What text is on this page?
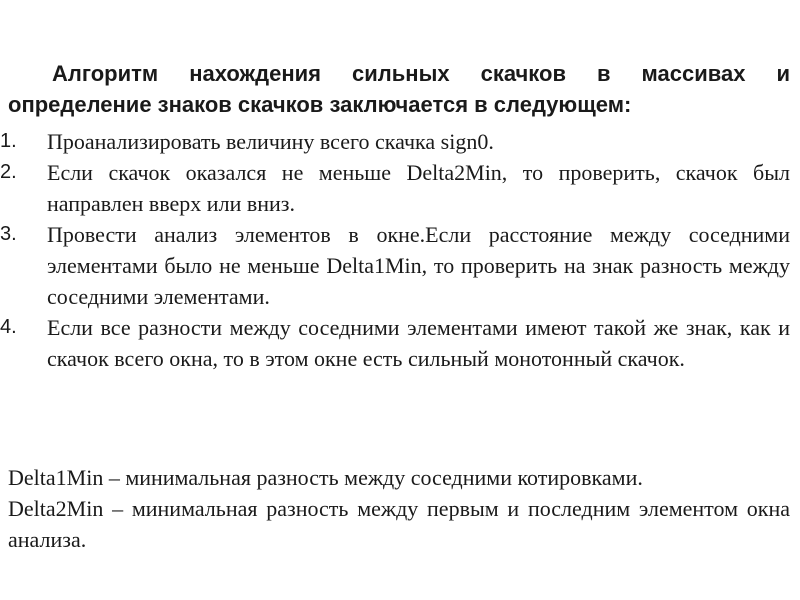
Алгоритм нахождения сильных скачков в массивах и определение знаков скачков заключается в следующем:

1. Проанализировать величину всего скачка sign0.
2. Если скачок оказался не меньше Delta2Min, то проверить, скачок был направлен вверх или вниз.
3. Провести анализ элементов в окне.Если расстояние между соседними элементами было не меньше Delta1Min, то проверить на знак разность между соседними элементами.
4. Если все разности между соседними элементами имеют такой же знак, как и скачок всего окна, то в этом окне есть сильный монотонный скачок.

Delta1Min – минимальная разность между соседними котировками.

Delta2Min – минимальная разность между первым и последним элементом окна анализа.
